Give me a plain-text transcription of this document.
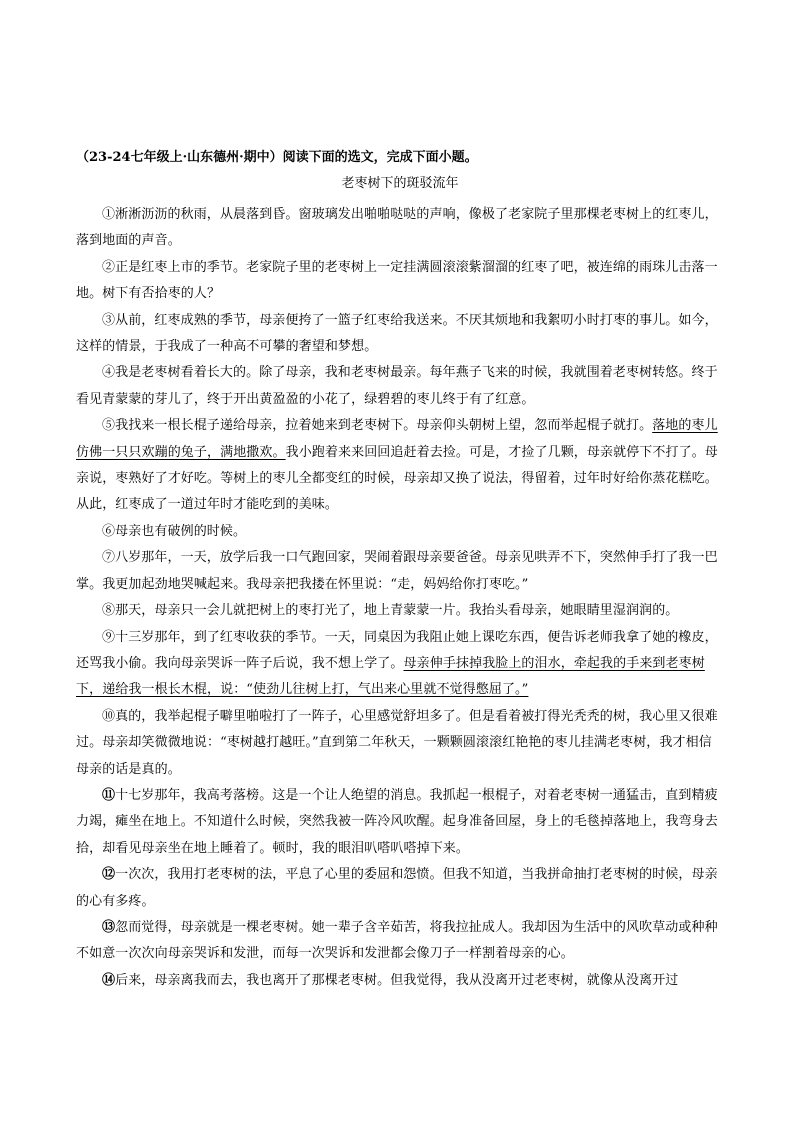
（23-24七年级上·山东德州·期中）阅读下面的选文，完成下面小题。
老枣树下的斑驳流年

①淅淅沥沥的秋雨，从晨落到昏。窗玻璃发出啪啪哒哒的声响，像极了老家院子里那棵老枣树上的红枣儿，落到地面的声音。

②正是红枣上市的季节。老家院子里的老枣树上一定挂满圆滚滚紫溜溜的红枣了吧，被连绵的雨珠儿击落一地。树下有否拾枣的人？

③从前，红枣成熟的季节，母亲便挎了一篮子红枣给我送来。不厌其烦地和我絮叨小时打枣的事儿。如今，这样的情景，于我成了一种高不可攀的奢望和梦想。

④我是老枣树看着长大的。除了母亲，我和老枣树最亲。每年燕子飞来的时候，我就围着老枣树转悠。终于看见青蒙蒙的芽儿了，终于开出黄盈盈的小花了，绿碧碧的枣儿终于有了红意。

⑤我找来一根长棍子递给母亲，拉着她来到老枣树下。母亲仰头朝树上望，忽而举起棍子就打。落地的枣儿仿佛一只只欢蹦的兔子，满地撒欢。我小跑着来来回回追赶着去捡。可是，才捡了几颗，母亲就停下不打了。母亲说，枣熟好了才好吃。等树上的枣儿全都变红的时候，母亲却又换了说法，得留着，过年时好给你蒸花糕吃。从此，红枣成了一道过年时才能吃到的美味。

⑥母亲也有破例的时候。

⑦八岁那年，一天，放学后我一口气跑回家，哭闹着跟母亲要爸爸。母亲见哄弄不下，突然伸手打了我一巴掌。我更加起劲地哭喊起来。我母亲把我搂在怀里说：“走，妈妈给你打枣吃。”

⑧那天，母亲只一会儿就把树上的枣打光了，地上青蒙蒙一片。我抬头看母亲，她眼睛里湿润润的。

⑨十三岁那年，到了红枣收获的季节。一天，同桌因为我阻止她上课吃东西，便告诉老师我拿了她的橡皮，还骂我小偷。我向母亲哭诉一阵子后说，我不想上学了。母亲伸手抹掉我脸上的泪水，牵起我的手来到老枣树下，递给我一根长木棍，说：“使劲儿往树上打，气出来心里就不觉得憋屈了。”

⑩真的，我举起棍子噼里啪啦打了一阵子，心里感觉舒坦多了。但是看着被打得光秃秃的树，我心里又很难过。母亲却笑微微地说：“枣树越打越旺。”直到第二年秋天，一颗颗圆滚滚红艳艳的枣儿挂满老枣树，我才相信母亲的话是真的。

⑪十七岁那年，我高考落榜。这是一个让人绝望的消息。我抓起一根棍子，对着老枣树一通猛击，直到精疲力竭，瘫坐在地上。不知道什么时候，突然我被一阵冷风吹醒。起身准备回屋，身上的毛毯掉落地上，我弯身去拾，却看见母亲坐在地上睡着了。顿时，我的眼泪叭嗒叭嗒掉下来。

⑫一次次，我用打老枣树的法，平息了心里的委屈和怨愤。但我不知道，当我拼命抽打老枣树的时候，母亲的心有多疼。

⑬忽而觉得，母亲就是一棵老枣树。她一辈子含辛茹苦，将我拉扯成人。我却因为生活中的风吹草动或种种不如意一次次向母亲哭诉和发泄，而每一次哭诉和发泄都会像刀子一样割着母亲的心。

⑭后来，母亲离我而去，我也离开了那棵老枣树。但我觉得，我从没离开过老枣树，就像从没离开过
